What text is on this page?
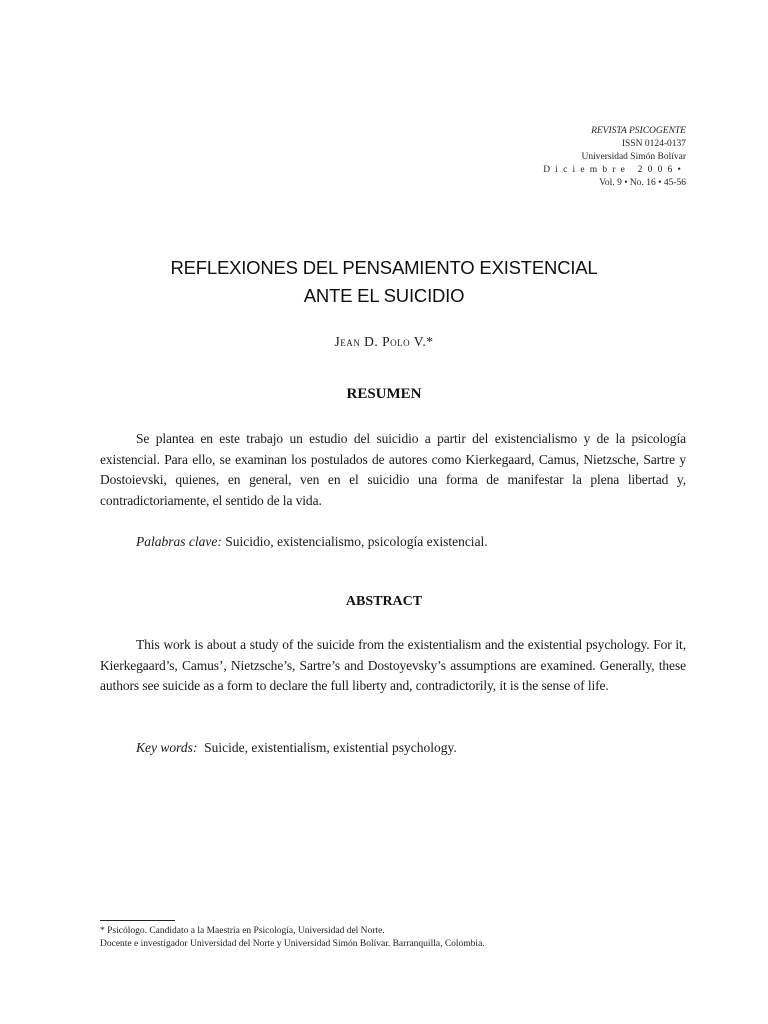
REVISTA PSICOGENTE
ISSN 0124-0137
Universidad Simón Bolívar
Diciembre 2006•
Vol. 9 • No. 16 • 45-56
REFLEXIONES DEL PENSAMIENTO EXISTENCIAL
ANTE EL SUICIDIO
Jean D. Polo V.*
RESUMEN
Se plantea en este trabajo un estudio del suicidio a partir del existencialismo y de la psicología existencial. Para ello, se examinan los postulados de autores como Kierkegaard, Camus, Nietzsche, Sartre y Dostoievski, quienes, en general, ven en el suicidio una forma de manifestar la plena libertad y, contradictoriamente, el sentido de la vida.
Palabras clave: Suicidio, existencialismo, psicología existencial.
ABSTRACT
This work is about a study of the suicide from the existentialism and the existential psychology. For it, Kierkegaard’s, Camus’, Nietzsche’s, Sartre’s and Dostoyevsky’s assumptions are examined. Generally, these authors see suicide as a form to declare the full liberty and, contradictorily, it is the sense of life.
Key words:  Suicide, existentialism, existential psychology.
* Psicólogo. Candidato a la Maestría en Psicología, Universidad del Norte.
Docente e investigador Universidad del Norte y Universidad Simón Bolívar. Barranquilla, Colombia.
